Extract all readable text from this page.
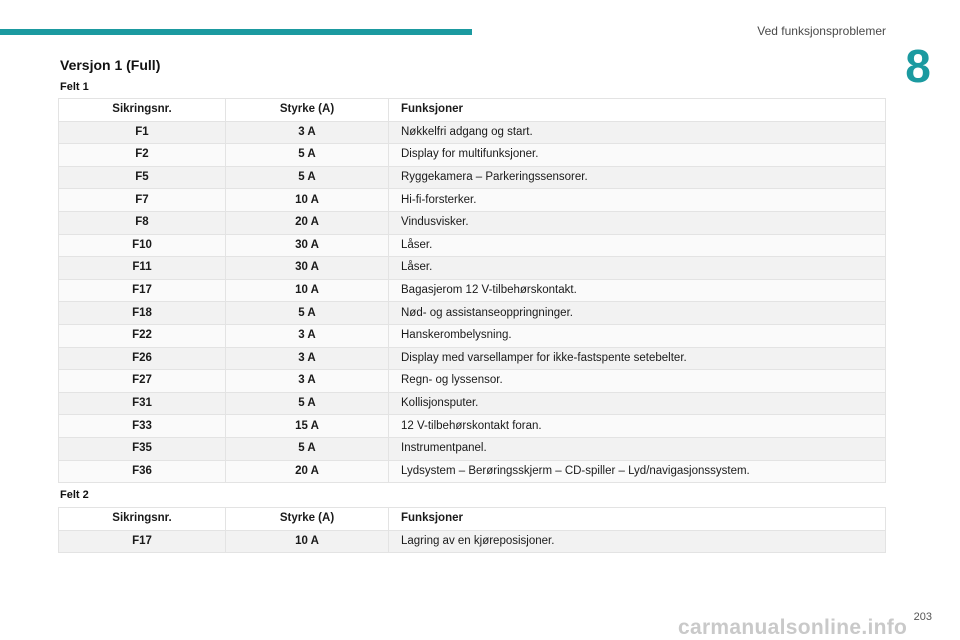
Ved funksjonsproblemer
8
Versjon 1 (Full)
Felt 1
Sikringsnr.	Styrke (A)	Funksjoner
F1	3 A	Nøkkelfri adgang og start.
F2	5 A	Display for multifunksjoner.
F5	5 A	Ryggekamera – Parkeringssensorer.
F7	10 A	Hi-fi-forsterker.
F8	20 A	Vindusvisker.
F10	30 A	Låser.
F11	30 A	Låser.
F17	10 A	Bagasjerom 12 V-tilbehørskontakt.
F18	5 A	Nød- og assistanseoppringninger.
F22	3 A	Hanskerombelysning.
F26	3 A	Display med varsellamper for ikke-fastspente setebelter.
F27	3 A	Regn- og lyssensor.
F31	5 A	Kollisjonsputer.
F33	15 A	12 V-tilbehørskontakt foran.
F35	5 A	Instrumentpanel.
F36	20 A	Lydsystem – Berøringsskjerm – CD-spiller – Lyd/navigasjonssystem.
Felt 2
Sikringsnr.	Styrke (A)	Funksjoner
F17	10 A	Lagring av en kjøreposisjoner.
203
carmanualsonline.info
